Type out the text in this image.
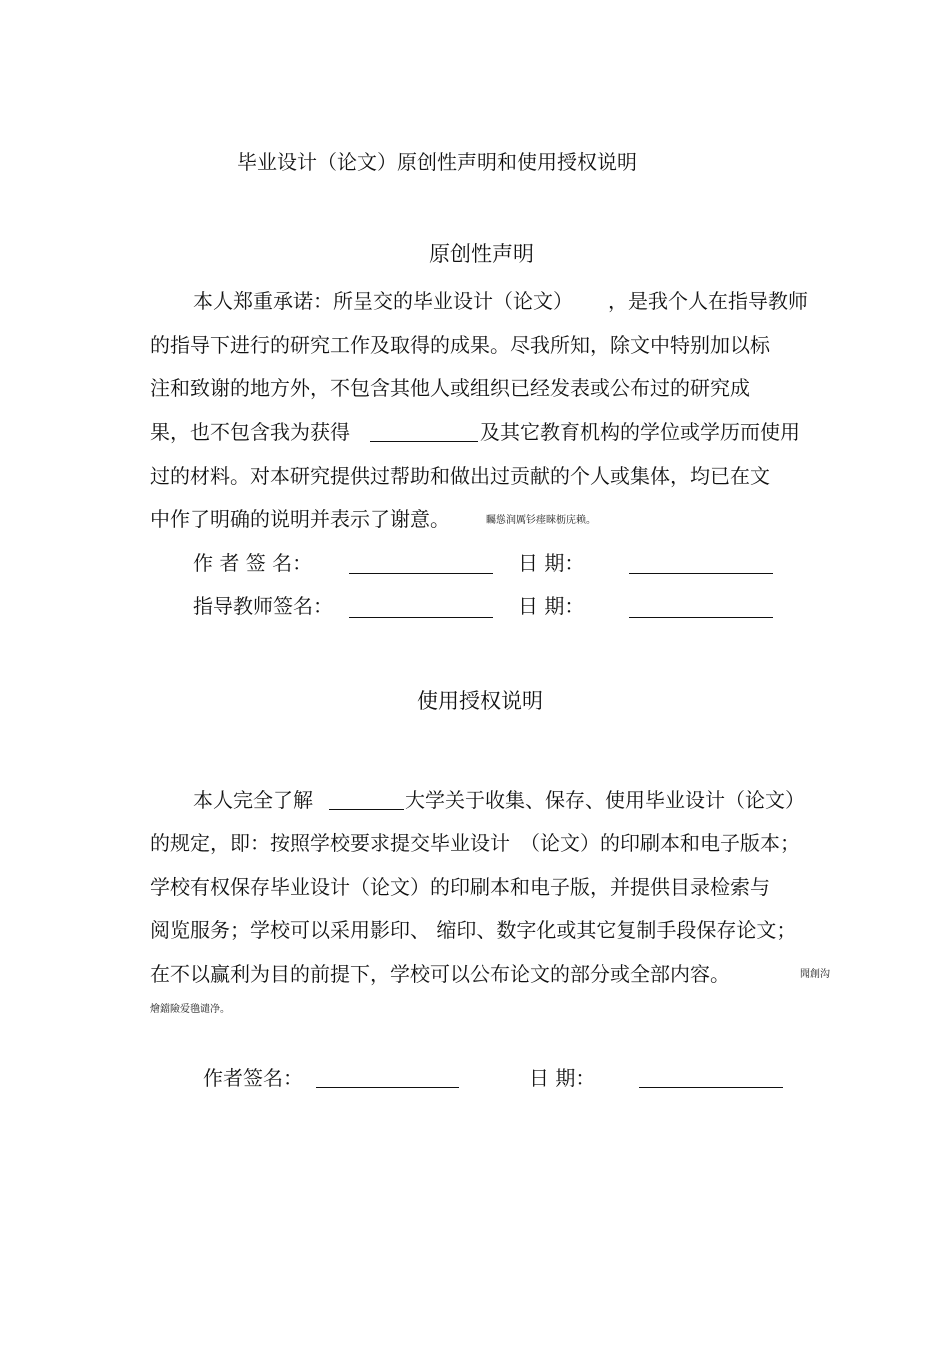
毕业设计（论文）原创性声明和使用授权说明
原创性声明
本人郑重承诺：所呈交的毕业设计（论文） ，是我个人在指导教师
的指导下进行的研究工作及取得的成果。尽我所知，除文中特别加以标
注和致谢的地方外，不包含其他人或组织已经发表或公布过的研究成
果，也不包含我为获得	及其它教育机构的学位或学历而使用
过的材料。对本研究提供过帮助和做出过贡献的个人或集体，均已在文
中作了明确的说明并表示了谢意。	矚慫润厲钐瘗睞枥庑赖。
作 者 签 名：	日 期：
指导教师签名：	日 期：
使用授权说明
本人完全了解	大学关于收集、保存、使用毕业设计（论文）
的规定，即：按照学校要求提交毕业设计　（论文）的印刷本和电子版本；
学校有权保存毕业设计（论文）的印刷本和电子版，并提供目录检索与
阅览服务；学校可以采用影印、 缩印、数字化或其它复制手段保存论文；
在不以赢利为目的前提下，学校可以公布论文的部分或全部内容。	聞創沟
燴鐺險爱氇谴净。
作者签名：	日 期：
